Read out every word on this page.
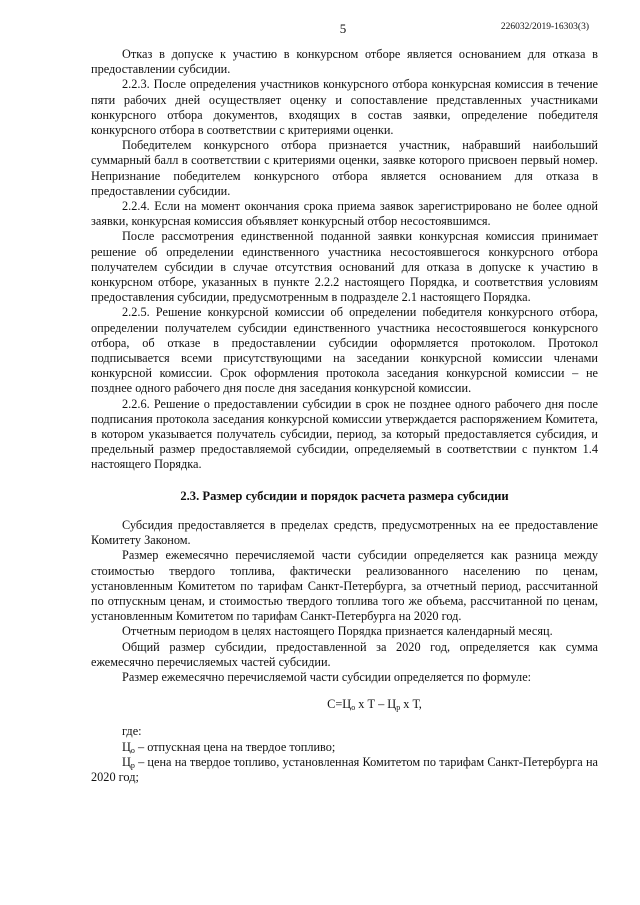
5	226032/2019-16303(3)

Отказ в допуске к участию в конкурсном отборе является основанием для отказа в предоставлении субсидии.

2.2.3. После определения участников конкурсного отбора конкурсная комиссия в течение пяти рабочих дней осуществляет оценку и сопоставление представленных участниками конкурсного отбора документов, входящих в состав заявки, определение победителя конкурсного отбора в соответствии с критериями оценки.

Победителем конкурсного отбора признается участник, набравший наибольший суммарный балл в соответствии с критериями оценки, заявке которого присвоен первый номер. Непризнание победителем конкурсного отбора является основанием для отказа в предоставлении субсидии.

2.2.4. Если на момент окончания срока приема заявок зарегистрировано не более одной заявки, конкурсная комиссия объявляет конкурсный отбор несостоявшимся.

После рассмотрения единственной поданной заявки конкурсная комиссия принимает решение об определении единственного участника несостоявшегося конкурсного отбора получателем субсидии в случае отсутствия оснований для отказа в допуске к участию в конкурсном отборе, указанных в пункте 2.2.2 настоящего Порядка, и соответствия условиям предоставления субсидии, предусмотренным в подразделе 2.1 настоящего Порядка.

2.2.5. Решение конкурсной комиссии об определении победителя конкурсного отбора, определении получателем субсидии единственного участника несостоявшегося конкурсного отбора, об отказе в предоставлении субсидии оформляется протоколом. Протокол подписывается всеми присутствующими на заседании конкурсной комиссии членами конкурсной комиссии. Срок оформления протокола заседания конкурсной комиссии – не позднее одного рабочего дня после дня заседания конкурсной комиссии.

2.2.6. Решение о предоставлении субсидии в срок не позднее одного рабочего дня после подписания протокола заседания конкурсной комиссии утверждается распоряжением Комитета, в котором указывается получатель субсидии, период, за который предоставляется субсидия, и предельный размер предоставляемой субсидии, определяемый в соответствии с пунктом 1.4 настоящего Порядка.

2.3. Размер субсидии и порядок расчета размера субсидии

Субсидия предоставляется в пределах средств, предусмотренных на ее предоставление Комитету Законом.

Размер ежемесячно перечисляемой части субсидии определяется как разница между стоимостью твердого топлива, фактически реализованного населению по ценам, установленным Комитетом по тарифам Санкт-Петербурга, за отчетный период, рассчитанной по отпускным ценам, и стоимостью твердого топлива того же объема, рассчитанной по ценам, установленным Комитетом по тарифам Санкт-Петербурга на 2020 год.

Отчетным периодом в целях настоящего Порядка признается календарный месяц.

Общий размер субсидии, предоставленной за 2020 год, определяется как сумма ежемесячно перечисляемых частей субсидии.

Размер ежемесячно перечисляемой части субсидии определяется по формуле:

$С=Ц_о$ х Т – $Ц_р$ х Т,

где:

$Ц_о$ – отпускная цена на твердое топливо;

$Ц_р$ – цена на твердое топливо, установленная Комитетом по тарифам Санкт-Петербурга на 2020 год;
